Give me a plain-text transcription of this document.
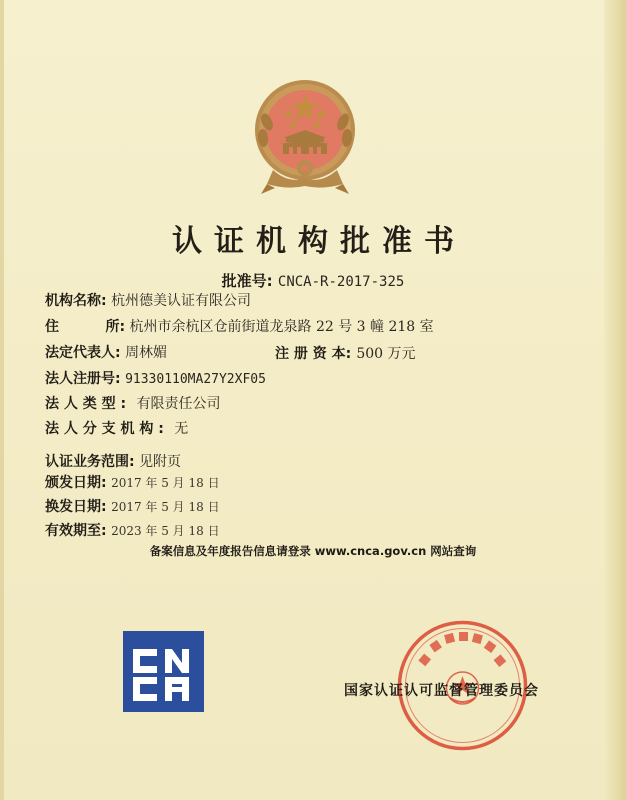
认证机构批准书
批准号: CNCA-R-2017-325
机构名称: 杭州德美认证有限公司
住	所: 杭州市余杭区仓前街道龙泉路 22 号 3 幢 218 室
法定代表人: 周林媚	注 册 资 本: 500 万元
法人注册号: 91330110MA27Y2XF05
法 人 类 型 : 有限责任公司
法 人 分 支 机 构 : 无
认证业务范围: 见附页
颁发日期: 2017 年 5 月 18 日
换发日期: 2017 年 5 月 18 日
有效期至: 2023 年 5 月 18 日
备案信息及年度报告信息请登录 www.cnca.gov.cn 网站查询
国家认证认可监督管理委员会
